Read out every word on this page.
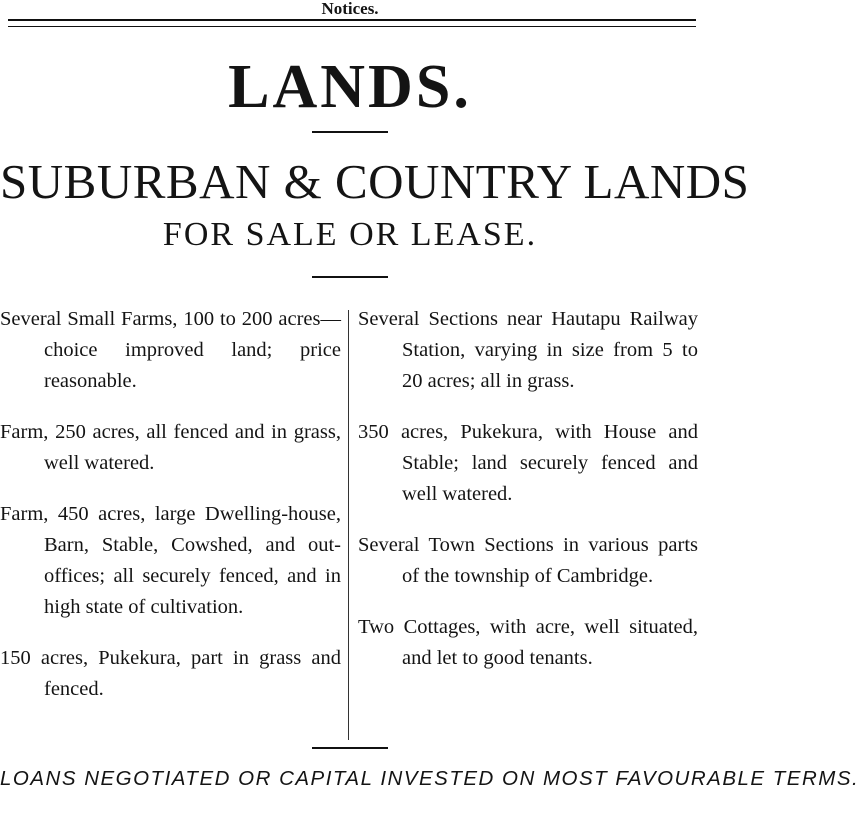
Notices.
LANDS.
SUBURBAN & COUNTRY LANDS
FOR SALE OR LEASE.

Several Small Farms, 100 to 200 acres—choice improved land; price reasonable.

Farm, 250 acres, all fenced and in grass, well watered.

Farm, 450 acres, large Dwelling-house, Barn, Stable, Cowshed, and out-offices; all securely fenced, and in high state of cultivation.

150 acres, Pukekura, part in grass and fenced.

Several Sections near Hautapu Railway Station, varying in size from 5 to 20 acres; all in grass.

350 acres, Pukekura, with House and Stable; land securely fenced and well watered.

Several Town Sections in various parts of the township of Cambridge.

Two Cottages, with acre, well situated, and let to good tenants.

LOANS NEGOTIATED OR CAPITAL INVESTED ON MOST FAVOURABLE TERMS.
